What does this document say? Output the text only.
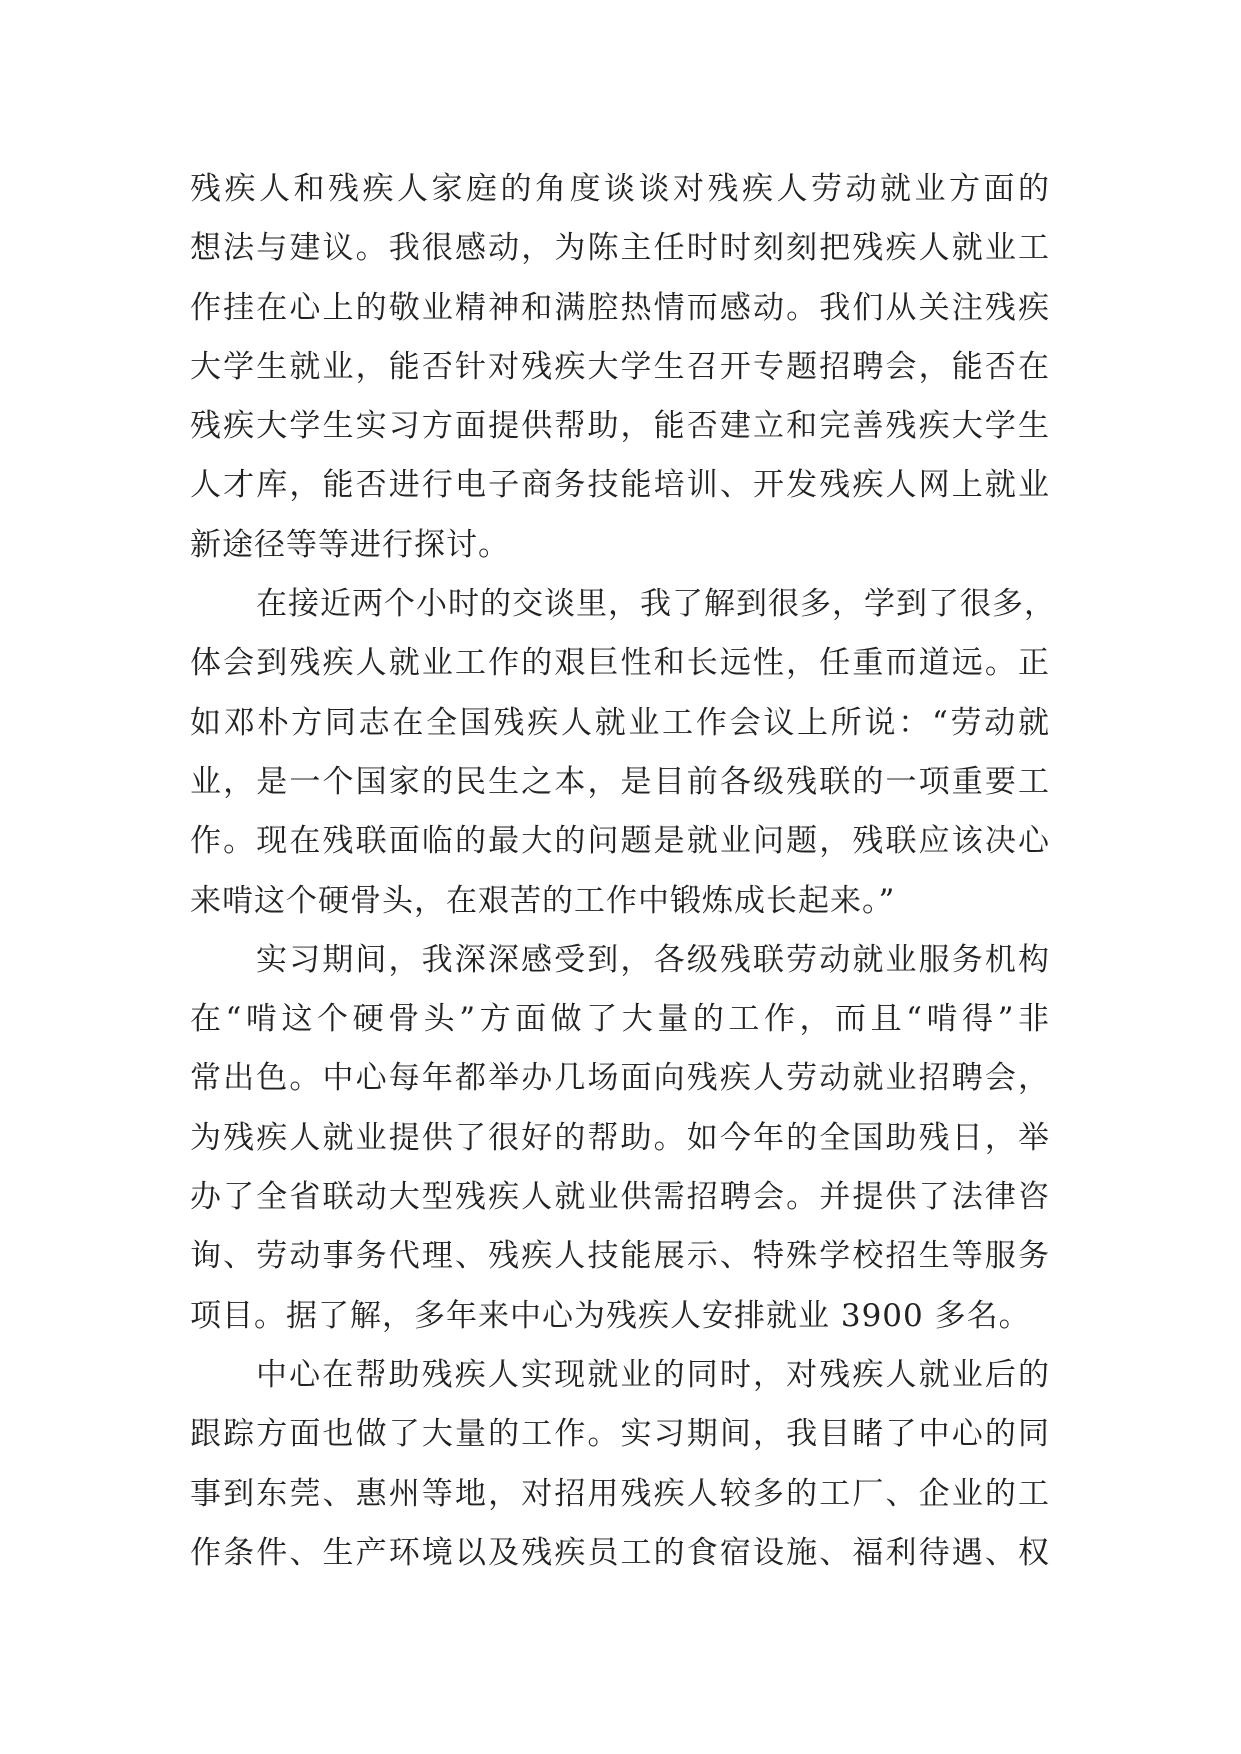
残疾人和残疾人家庭的角度谈谈对残疾人劳动就业方面的
想法与建议。我很感动，为陈主任时时刻刻把残疾人就业工
作挂在心上的敬业精神和满腔热情而感动。我们从关注残疾
大学生就业，能否针对残疾大学生召开专题招聘会，能否在
残疾大学生实习方面提供帮助，能否建立和完善残疾大学生
人才库，能否进行电子商务技能培训、开发残疾人网上就业
新途径等等进行探讨。
在接近两个小时的交谈里，我了解到很多，学到了很多，
体会到残疾人就业工作的艰巨性和长远性，任重而道远。正
如邓朴方同志在全国残疾人就业工作会议上所说：“劳动就
业，是一个国家的民生之本，是目前各级残联的一项重要工
作。现在残联面临的最大的问题是就业问题，残联应该决心
来啃这个硬骨头，在艰苦的工作中锻炼成长起来。”
实习期间，我深深感受到，各级残联劳动就业服务机构
在“啃这个硬骨头”方面做了大量的工作，而且“啃得”非
常出色。中心每年都举办几场面向残疾人劳动就业招聘会，
为残疾人就业提供了很好的帮助。如今年的全国助残日，举
办了全省联动大型残疾人就业供需招聘会。并提供了法律咨
询、劳动事务代理、残疾人技能展示、特殊学校招生等服务
项目。据了解，多年来中心为残疾人安排就业 3900 多名。
中心在帮助残疾人实现就业的同时，对残疾人就业后的
跟踪方面也做了大量的工作。实习期间，我目睹了中心的同
事到东莞、惠州等地，对招用残疾人较多的工厂、企业的工
作条件、生产环境以及残疾员工的食宿设施、福利待遇、权
